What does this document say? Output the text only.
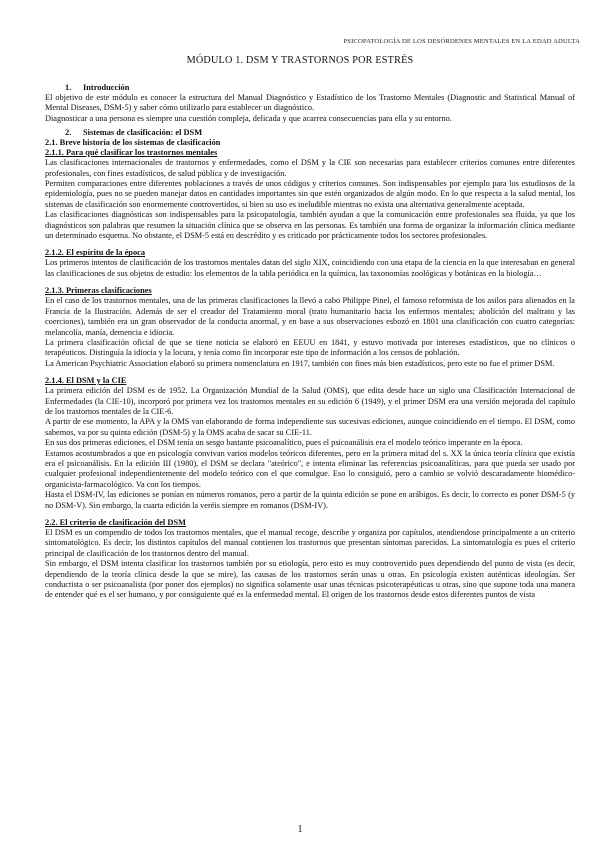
PSICOPATOLOGÍA DE LOS DESÓRDENES MENTALES EN LA EDAD ADULTA
MÓDULO 1. DSM Y TRASTORNOS POR ESTRÉS
1. Introducción

El objetivo de este módulo es conocer la estructura del Manual Diagnóstico y Estadístico de los Trastorno Mentales (Diagnostic and Statistical Manual of Mental Diseases, DSM-5) y saber cómo utilizarlo para establecer un diagnóstico.

Diagnosticar a una persona es siempre una cuestión compleja, delicada y que acarrea consecuencias para ella y su entorno.

2. Sistemas de clasificación: el DSM
2.1. Breve historia de los sistemas de clasificación
2.1.1. Para qué clasificar los trastornos mentales

Las clasificaciones internacionales de trastornos y enfermedades, como el DSM y la CIE son necesarias para establecer criterios comunes entre diferentes profesionales, con fines estadísticos, de salud pública y de investigación.

Permiten comparaciones entre diferentes poblaciones a través de unos códigos y criterios comunes. Son indispensables por ejemplo para los estudiosos de la epidemiología, pues no se pueden manejar datos en cantidades importantes sin que estén organizados de algún modo. En lo que respecta a la salud mental, los sistemas de clasificación son enormemente controvertidos, si bien su uso es ineludible mientras no exista una alternativa generalmente aceptada.

Las clasificaciones diagnósticas son indispensables para la psicopatología, también ayudan a que la comunicación entre profesionales sea fluida, ya que los diagnósticos son palabras que resumen la situación clínica que se observa en las personas. Es también una forma de organizar la información clínica mediante un determinado esquema. No obstante, el DSM-5 está en descrédito y es criticado por prácticamente todos los sectores profesionales.

2.1.2. El espíritu de la época

Los primeros intentos de clasificación de los trastornos mentales datan del siglo XIX, coincidiendo con una etapa de la ciencia en la que interesaban en general las clasificaciones de sus objetos de estudio: los elementos de la tabla periódica en la química, las taxonomías zoológicas y botánicas en la biología…

2.1.3. Primeras clasificaciones

En el caso de los trastornos mentales, una de las primeras clasificaciones la llevó a cabo Philippe Pinel, el famoso reformista de los asilos para alienados en la Francia de la Ilustración. Además de ser el creador del Tratamiento moral (trato humanitario hacia los enfermos mentales; abolición del maltrato y las coerciones), también era un gran observador de la conducta anormal, y en base a sus observaciones esbozó en 1801 una clasificación con cuatro categorías: melancolía, manía, demencia e idiocia.

La primera clasificación oficial de que se tiene noticia se elaboró en EEUU en 1841, y estuvo motivada por intereses estadísticos, que no clínicos o terapéuticos. Distinguía la idiocia y la locura, y tenía como fin incorporar este tipo de información a los censos de población.

La American Psychiatric Association elaboró su primera nomenclatura en 1917, también con fines más bien estadísticos, pero este no fue el primer DSM.

2.1.4. El DSM y la CIE

La primera edición del DSM es de 1952. La Organización Mundial de la Salud (OMS), que edita desde hace un siglo una Clasificación Internacional de Enfermedades (la CIE-10), incorporó por primera vez los trastornos mentales en su edición 6 (1949), y el primer DSM era una versión mejorada del capítulo de los trastornos mentales de la CIE-6.

A partir de ese momento, la APA y la OMS van elaborando de forma independiente sus sucesivas ediciones, aunque coincidiendo en el tiempo. El DSM, como sabemos, va por su quinta edición (DSM-5) y la OMS acaba de sacar su CIE-11.

En sus dos primeras ediciones, el DSM tenía un sesgo bastante psicoanalítico, pues el psicoanálisis era el modelo teórico imperante en la época.

Estamos acostumbrados a que en psicología convivan varios modelos teóricos diferentes, pero en la primera mitad del s. XX la única teoría clínica que existía era el psicoanálisis. En la edición III (1980), el DSM se declara "ateórico", e intenta eliminar las referencias psicoanalíticas, para que pueda ser usado por cualquier profesional independientemente del modelo teórico con el que comulgue. Eso lo consiguió, pero a cambio se volvió descaradamente biomédico-organicista-farmacológico. Va con los tiempos.

Hasta el DSM-IV, las ediciones se ponían en números romanos, pero a partir de la quinta edición se pone en arábigos. Es decir, lo correcto es poner DSM-5 (y no DSM-V). Sin embargo, la cuarta edición la veréis siempre en romanos (DSM-IV).

2.2. El criterio de clasificación del DSM

El DSM es un compendio de todos los trastornos mentales, que el manual recoge, describe y organiza por capítulos, atendiendose principalmente a un criterio sintomatológico. Es decir, los distintos capítulos del manual contienen los trastornos que presentan síntomas parecidos. La sintomatología es pues el criterio principal de clasificación de los trastornos dentro del manual.

Sin embargo, el DSM intenta clasificar los trastornos también por su etiología, pero esto es muy controvertido pues dependiendo del punto de vista (es decir, dependiendo de la teoría clínica desde la que se mire), las causas de los trastornos serán unas u otras. En psicología existen auténticas ideologías. Ser conductista o ser psicoanalista (por poner dos ejemplos) no significa solamente usar unas técnicas psicoterapéuticas u otras, sino que supone toda una manera de entender qué es el ser humano, y por consiguiente qué es la enfermedad mental. El origen de los trastornos desde estos diferentes puntos de vista

1
